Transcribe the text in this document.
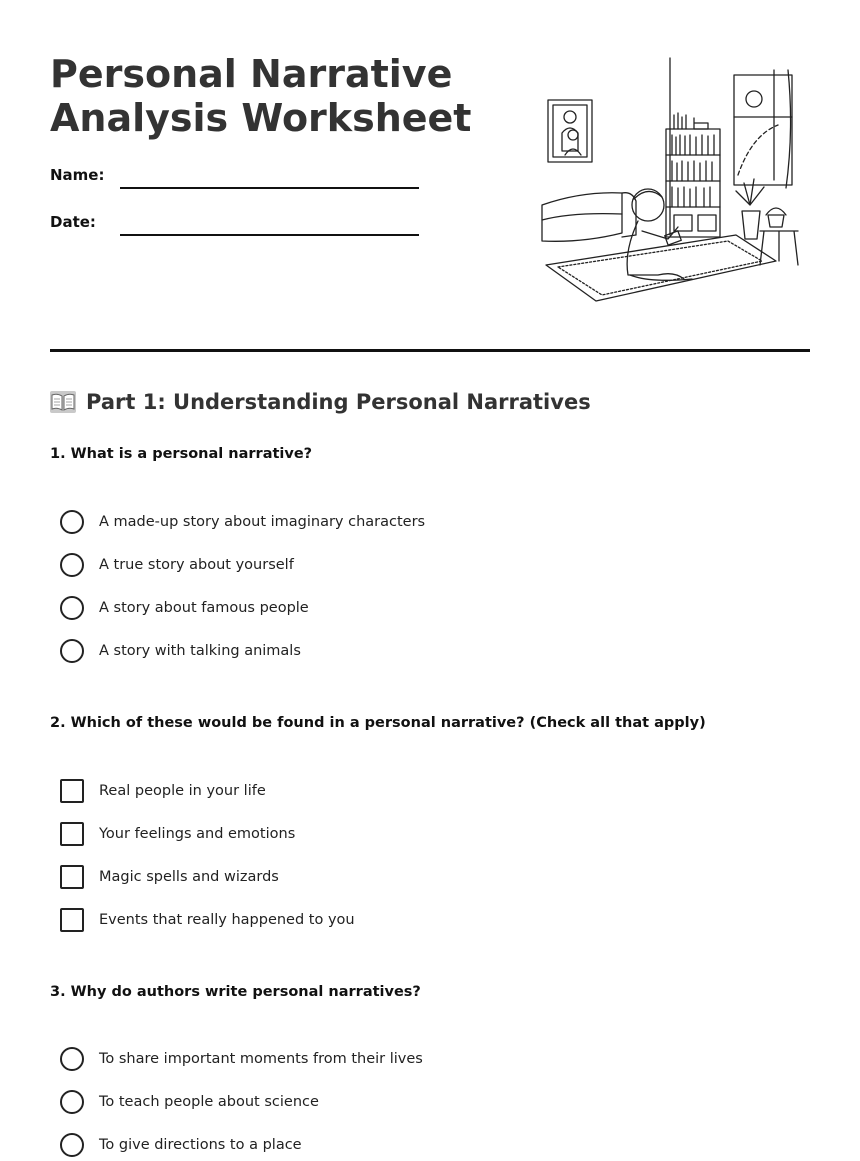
Personal Narrative
Analysis Worksheet
Name:
Date:
Part 1: Understanding Personal Narratives
1. What is a personal narrative?
A made-up story about imaginary characters
A true story about yourself
A story about famous people
A story with talking animals
2. Which of these would be found in a personal narrative? (Check all that apply)
Real people in your life
Your feelings and emotions
Magic spells and wizards
Events that really happened to you
3. Why do authors write personal narratives?
To share important moments from their lives
To teach people about science
To give directions to a place
